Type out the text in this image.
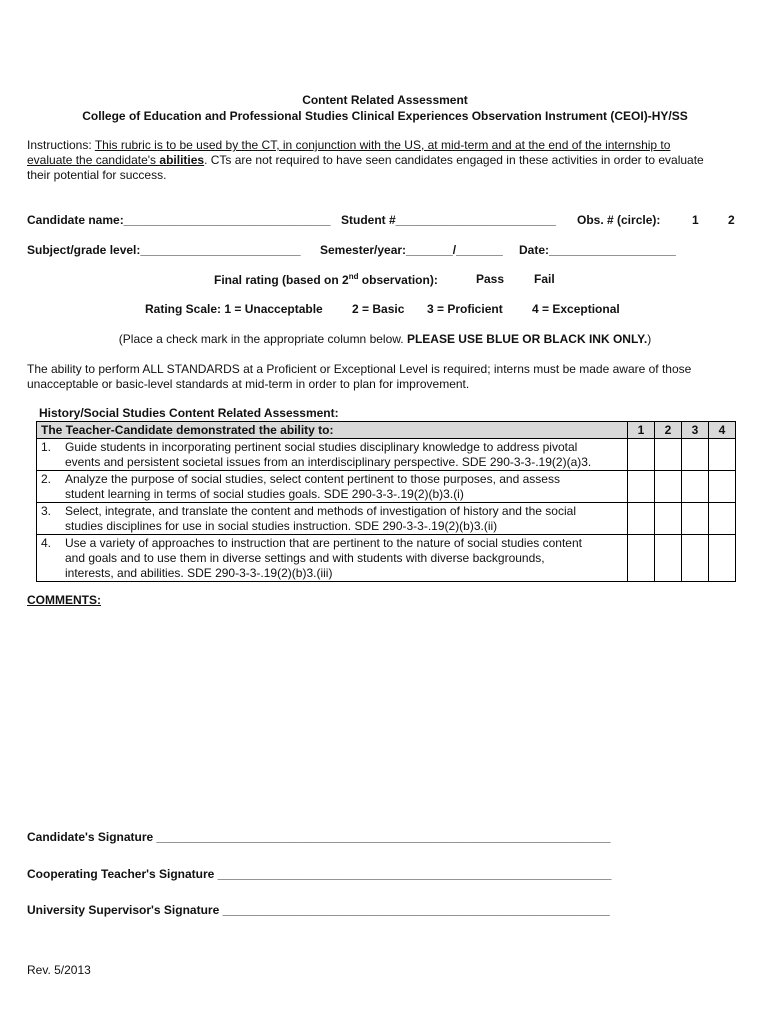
Content Related Assessment
College of Education and Professional Studies Clinical Experiences Observation Instrument (CEOI)-HY/SS
Instructions: This rubric is to be used by the CT, in conjunction with the US, at mid-term and at the end of the internship to
evaluate the candidate's abilities. CTs are not required to have seen candidates engaged in these activities in order to evaluate
their potential for success.
Candidate name:_______________________________ Student #________________________ Obs. # (circle):	1 2
Subject/grade level:________________________ Semester/year:_______/_______ Date:___________________
Final rating (based on 2nd observation):	Pass Fail
Rating Scale: 1 = Unacceptable 2 = Basic 3 = Proficient 4 = Exceptional
(Place a check mark in the appropriate column below. PLEASE USE BLUE OR BLACK INK ONLY.)
The ability to perform ALL STANDARDS at a Proficient or Exceptional Level is required; interns must be made aware of those
unacceptable or basic-level standards at mid-term in order to plan for improvement.
History/Social Studies Content Related Assessment:
The Teacher-Candidate demonstrated the ability to:	1	2	3	4

1. Guide students in incorporating pertinent social studies disciplinary knowledge to address pivotal
events and persistent societal issues from an interdisciplinary perspective. SDE 290-3-3-.19(2)(a)3.				

2. Analyze the purpose of social studies, select content pertinent to those purposes, and assess
student learning in terms of social studies goals. SDE 290-3-3-.19(2)(b)3.(i)				

3. Select, integrate, and translate the content and methods of investigation of history and the social
studies disciplines for use in social studies instruction. SDE 290-3-3-.19(2)(b)3.(ii)				

4. Use a variety of approaches to instruction that are pertinent to the nature of social studies content
and goals and to use them in diverse settings and with students with diverse backgrounds,
interests, and abilities. SDE 290-3-3-.19(2)(b)3.(iii)				

COMMENTS:
Candidate's Signature ____________________________________________________________________
Cooperating Teacher's Signature ___________________________________________________________
University Supervisor's Signature __________________________________________________________
Rev. 5/2013
